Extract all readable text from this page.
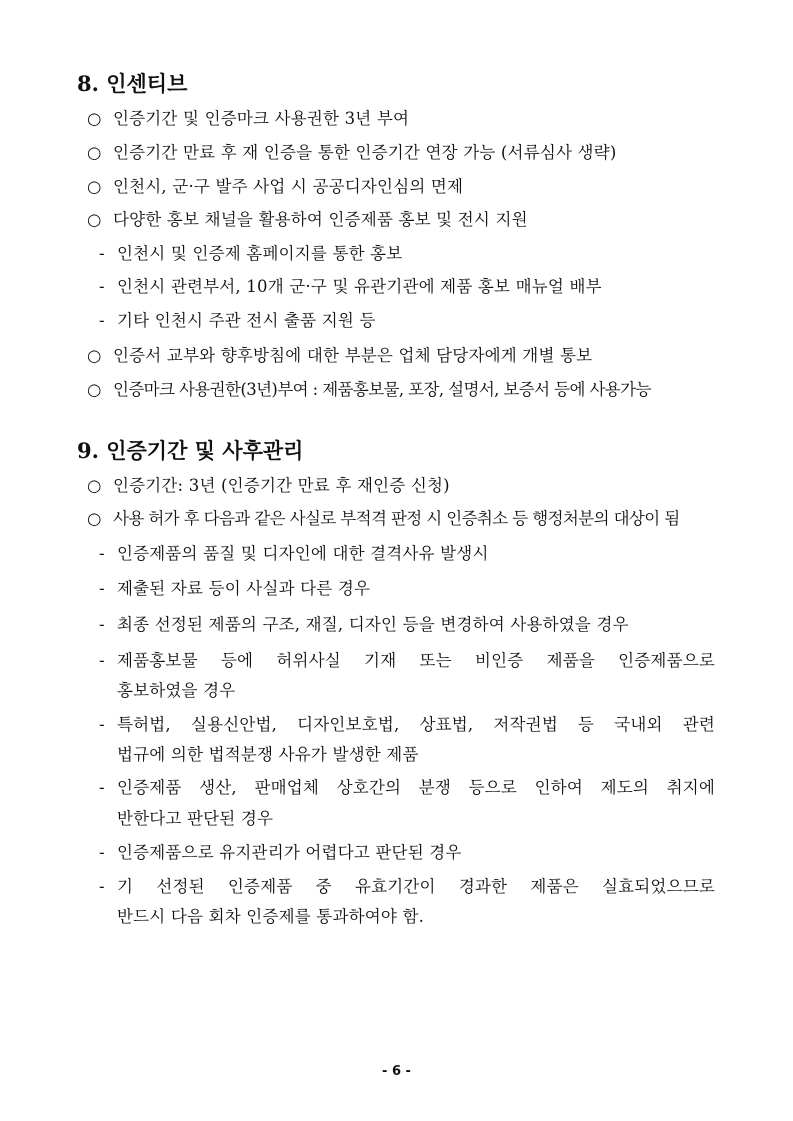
8. 인센티브
○ 인증기간 및 인증마크 사용권한 3년 부여
○ 인증기간 만료 후 재 인증을 통한 인증기간 연장 가능 (서류심사 생략)
○ 인천시, 군·구 발주 사업 시 공공디자인심의 면제
○ 다양한 홍보 채널을 활용하여 인증제품 홍보 및 전시 지원
- 인천시 및 인증제 홈페이지를 통한 홍보
- 인천시 관련부서, 10개 군·구 및 유관기관에 제품 홍보 매뉴얼 배부
- 기타 인천시 주관 전시 출품 지원 등
○ 인증서 교부와 향후방침에 대한 부분은 업체 담당자에게 개별 통보
○ 인증마크 사용권한(3년)부여 : 제품홍보물, 포장, 설명서, 보증서 등에 사용가능
9. 인증기간 및 사후관리
○ 인증기간: 3년 (인증기간 만료 후 재인증 신청)
○ 사용 허가 후 다음과 같은 사실로 부적격 판정 시 인증취소 등 행정처분의 대상이 됨
- 인증제품의 품질 및 디자인에 대한 결격사유 발생시
- 제출된 자료 등이 사실과 다른 경우
- 최종 선정된 제품의 구조, 재질, 디자인 등을 변경하여 사용하였을 경우
- 제품홍보물 등에 허위사실 기재 또는 비인증 제품을 인증제품으로
홍보하였을 경우
- 특허법, 실용신안법, 디자인보호법, 상표법, 저작권법 등 국내외 관련
법규에 의한 법적분쟁 사유가 발생한 제품
- 인증제품 생산, 판매업체 상호간의 분쟁 등으로 인하여 제도의 취지에
반한다고 판단된 경우
- 인증제품으로 유지관리가 어렵다고 판단된 경우
- 기 선정된 인증제품 중 유효기간이 경과한 제품은 실효되었으므로
반드시 다음 회차 인증제를 통과하여야 함.
- 6 -
